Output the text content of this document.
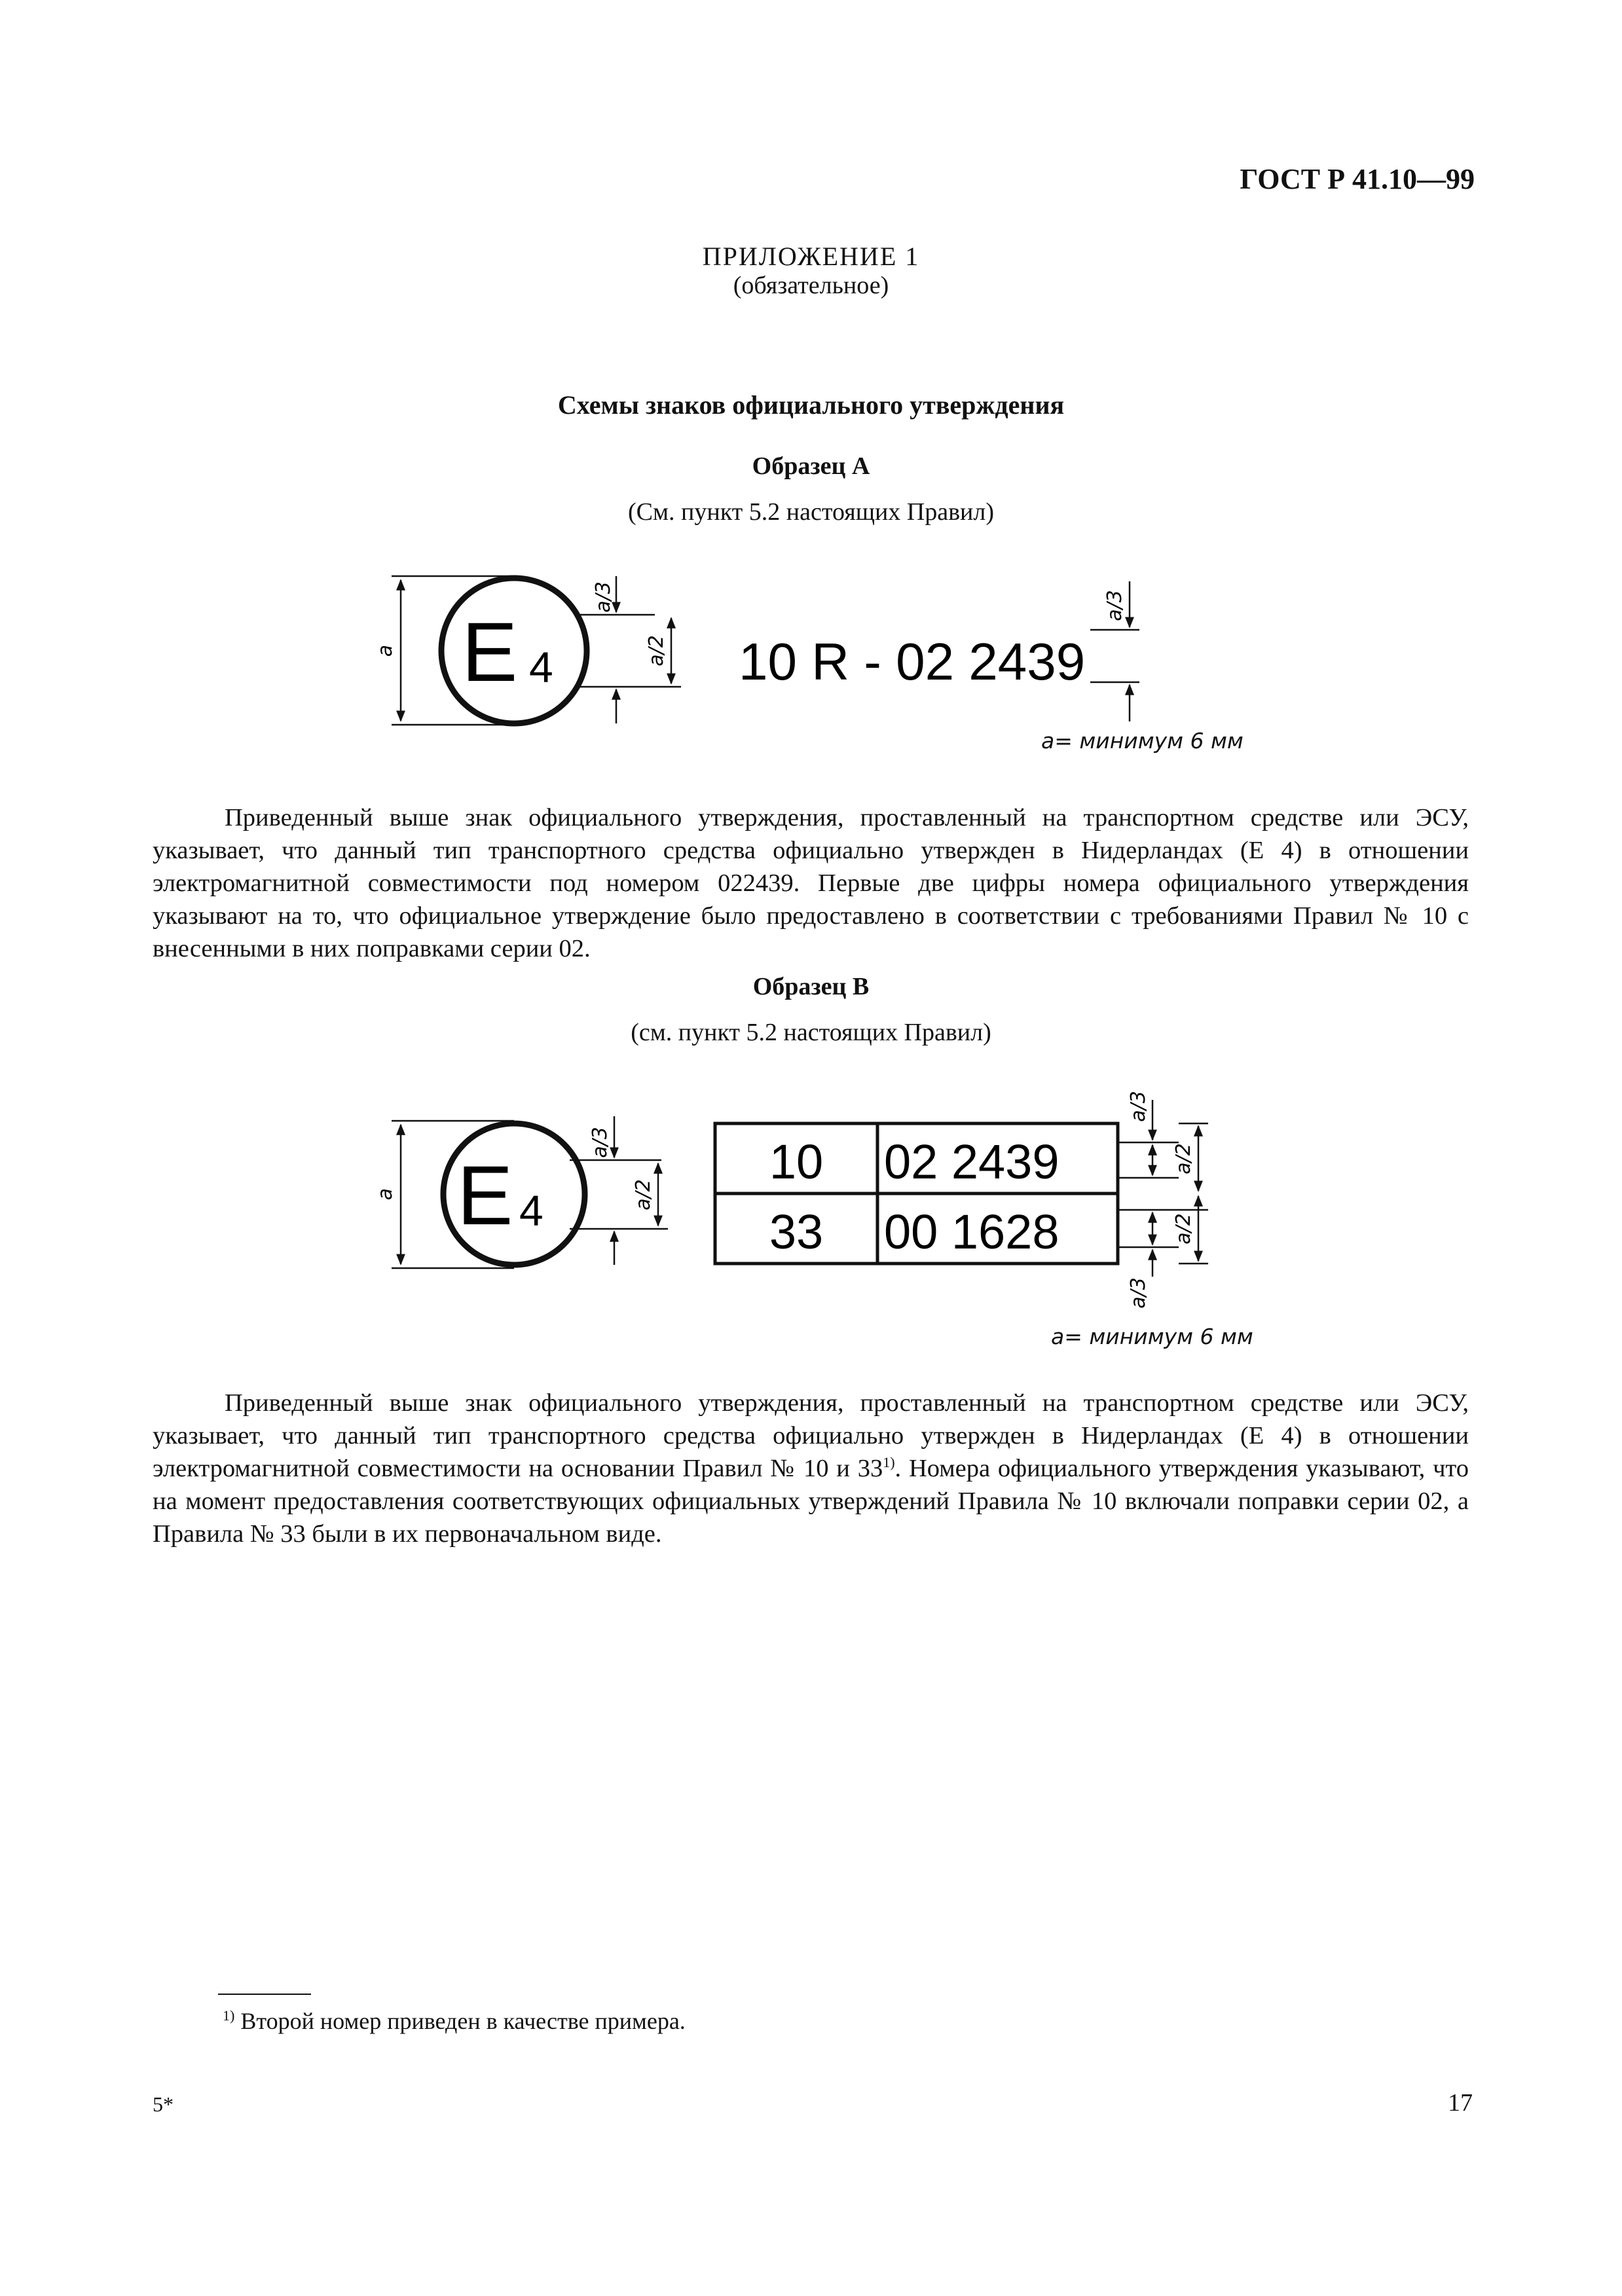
ГОСТ Р 41.10—99
ПРИЛОЖЕНИЕ 1
(обязательное)
Схемы знаков официального утверждения
Образец А
(См. пункт 5.2 настоящих Правил)
a E 4
a/3
a/2 10 R - 02 2439
a/3
a= минимум 6 мм

Приведенный выше знак официального утверждения, проставленный на транспортном средстве или ЭСУ, указывает, что данный тип транспортного средства официально утвержден в Нидерландах (Е 4) в отношении электромагнитной совместимости под номером 022439. Первые две цифры номера официального утверждения указывают на то, что официальное утверждение было предоставлено в соответствии с требованиями Правил № 10 с внесенными в них поправками серии 02.

Образец В
(см. пункт 5.2 настоящих Правил)
a E 4
a/3
a/2
10 02 2439
33 00 1628
a/3
a/2
a/2
a/3
a= минимум 6 мм

Приведенный выше знак официального утверждения, проставленный на транспортном средстве или ЭСУ, указывает, что данный тип транспортного средства официально утвержден в Нидерландах (Е 4) в отношении электромагнитной совместимости на основании Правил № 10 и 33$^{1)}$. Номера официального утверждения указывают, что на момент предоставления соответствующих официальных утверждений Правила № 10 включали поправки серии 02, а Правила № 33 были в их первоначальном виде.

$^{1)}$ Второй номер приведен в качестве примера.
5*	17
